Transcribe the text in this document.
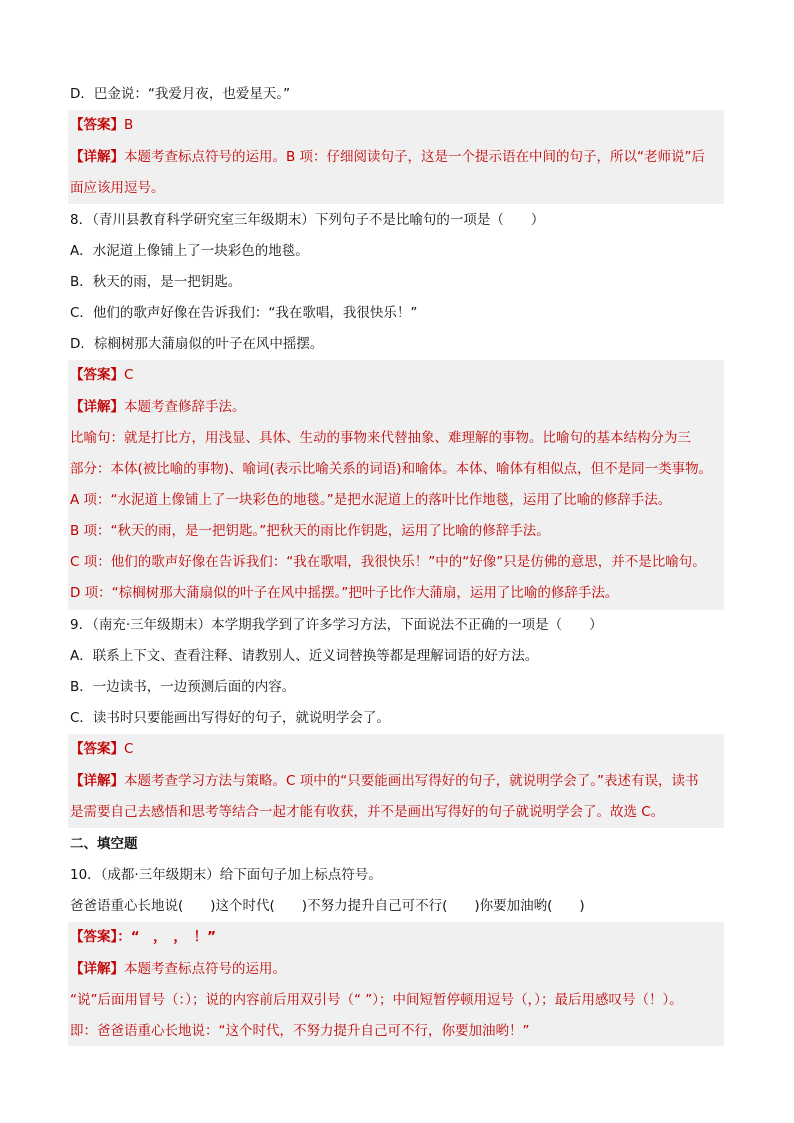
D．巴金说：“我爱月夜，也爱星天。”
【答案】B
【详解】本题考查标点符号的运用。B 项：仔细阅读句子，这是一个提示语在中间的句子，所以“老师说”后
面应该用逗号。
8．（青川县教育科学研究室三年级期末）下列句子不是比喻句的一项是（　　）
A．水泥道上像铺上了一块彩色的地毯。
B．秋天的雨，是一把钥匙。
C．他们的歌声好像在告诉我们：“我在歌唱，我很快乐！”
D．棕榈树那大蒲扇似的叶子在风中摇摆。
【答案】C
【详解】本题考查修辞手法。
比喻句：就是打比方，用浅显、具体、生动的事物来代替抽象、难理解的事物。比喻句的基本结构分为三
部分：本体(被比喻的事物)、喻词(表示比喻关系的词语)和喻体。本体、喻体有相似点，但不是同一类事物。
A 项：“水泥道上像铺上了一块彩色的地毯。”是把水泥道上的落叶比作地毯，运用了比喻的修辞手法。
B 项：“秋天的雨，是一把钥匙。”把秋天的雨比作钥匙，运用了比喻的修辞手法。
C 项：他们的歌声好像在告诉我们：“我在歌唱，我很快乐！”中的“好像”只是仿佛的意思，并不是比喻句。
D 项：“棕榈树那大蒲扇似的叶子在风中摇摆。”把叶子比作大蒲扇，运用了比喻的修辞手法。
9．（南充·三年级期末）本学期我学到了许多学习方法，下面说法不正确的一项是（　　）
A．联系上下文、查看注释、请教别人、近义词替换等都是理解词语的好方法。
B．一边读书，一边预测后面的内容。
C．读书时只要能画出写得好的句子，就说明学会了。
【答案】C
【详解】本题考查学习方法与策略。C 项中的“只要能画出写得好的句子，就说明学会了。”表述有误，读书
是需要自己去感悟和思考等结合一起才能有收获，并不是画出写得好的句子就说明学会了。故选 C。
二、填空题
10．（成都·三年级期末）给下面句子加上标点符号。
爸爸语重心长地说(　　)这个时代(　　)不努力提升自己可不行(　　)你要加油哟(　　)
【答案】：“　，　，　！”
【详解】本题考查标点符号的运用。
“说”后面用冒号（：）；说的内容前后用双引号（“ ”）；中间短暂停顿用逗号（，）；最后用感叹号（！）。
即：爸爸语重心长地说：“这个时代，不努力提升自己可不行，你要加油哟！”
